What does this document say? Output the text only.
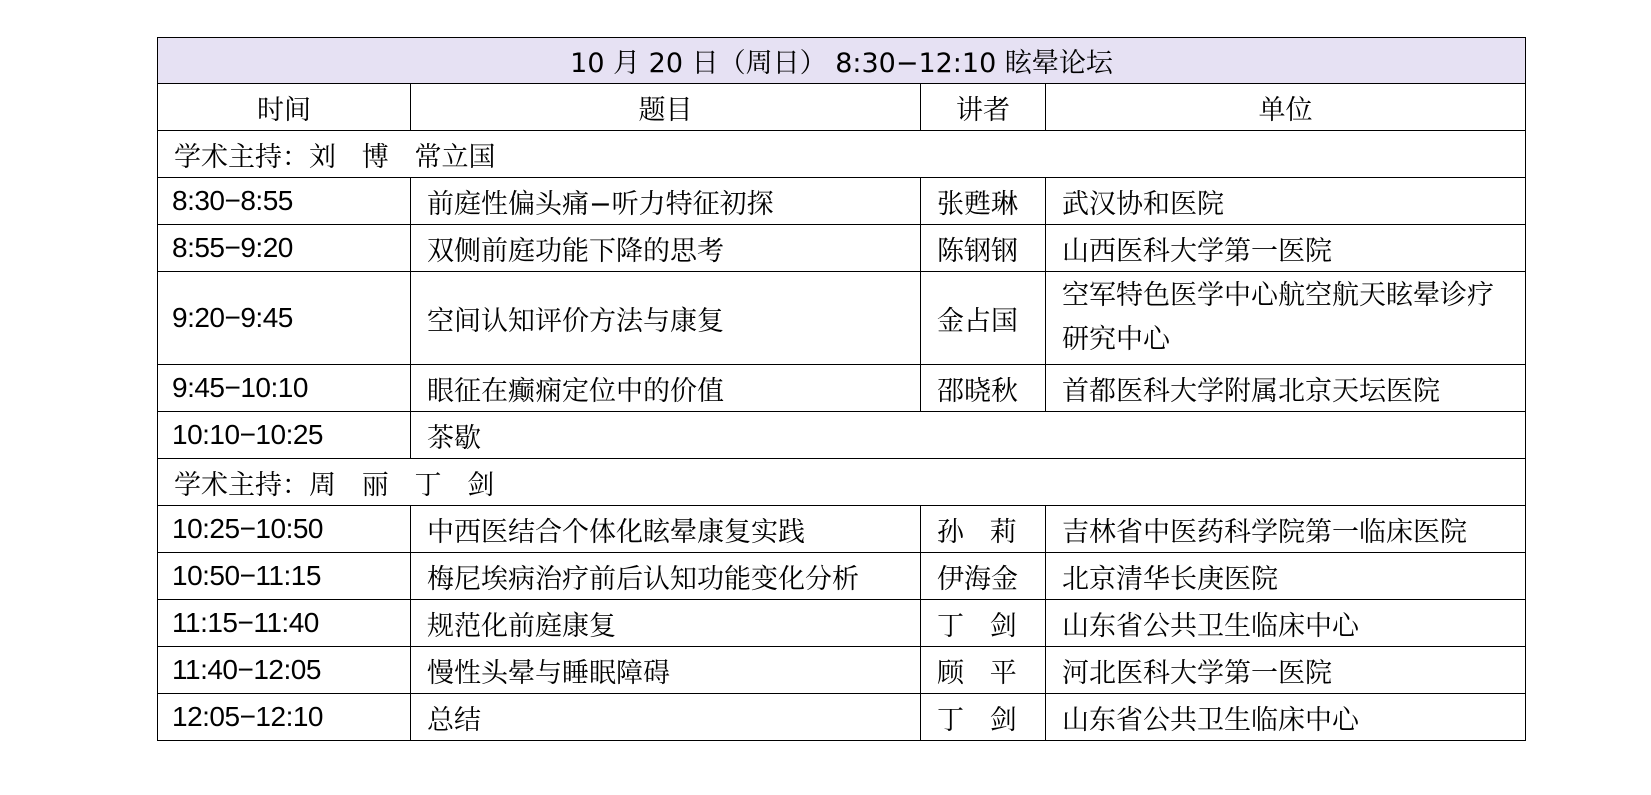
10 月 20 日（周日） 8:30−12:10 眩晕论坛			
时间	题目	讲者	单位
学术主持：刘   博   常立国			
8:30−8:55	前庭性偏头痛−听力特征初探	张甦琳	武汉协和医院
8:55−9:20	双侧前庭功能下降的思考	陈钢钢	山西医科大学第一医院
9:20−9:45	空间认知评价方法与康复	金占国	空军特色医学中心航空航天眩晕诊疗研究中心
9:45−10:10	眼征在癫痫定位中的价值	邵晓秋	首都医科大学附属北京天坛医院
10:10−10:25	茶歇		
学术主持：周   丽   丁   剑			
10:25−10:50	中西医结合个体化眩晕康复实践	孙   莉	吉林省中医药科学院第一临床医院
10:50−11:15	梅尼埃病治疗前后认知功能变化分析	伊海金	北京清华长庚医院
11:15−11:40	规范化前庭康复	丁   剑	山东省公共卫生临床中心
11:40−12:05	慢性头晕与睡眠障碍	顾   平	河北医科大学第一医院
12:05−12:10	总结	丁   剑	山东省公共卫生临床中心
